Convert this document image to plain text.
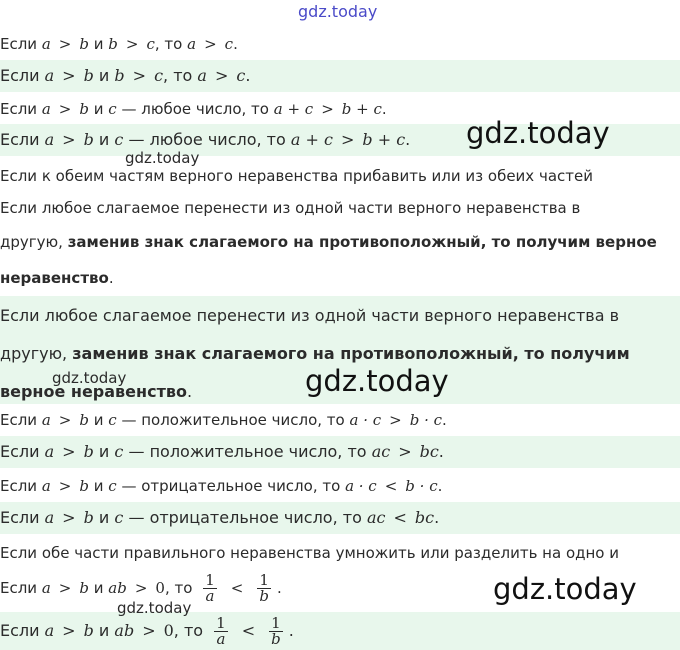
gdz.today
Если a > b и b > c, то a > c.
Если a > b и b > c, то a > c.
Если a > b и c — любое число, то a + c > b + c.
Если a > b и c — любое число, то a + c > b + c.
Если к обеим частям верного неравенства прибавить или из обеих частей
Если любое слагаемое перенести из одной части верного неравенства в
другую, заменив знак слагаемого на противоположный, то получим верное
неравенство.
Если любое слагаемое перенести из одной части верного неравенства в
другую, заменив знак слагаемого на противоположный, то получим
верное неравенство.
Если a > b и c — положительное число, то a · c > b · c.
Если a > b и c — положительное число, то ac > bc.
Если a > b и c — отрицательное число, то a · c < b · c.
Если a > b и c — отрицательное число, то ac < bc.
Если обе части правильного неравенства умножить или разделить на одно и
Если a > b и ab > 0, то $\frac{1}{a} < \frac{1}{b}$ .
Если a > b и ab > 0, то $\frac{1}{a} < \frac{1}{b}$ .
gdz.today
gdz.today
gdz.today	gdz.today
gdz.today
gdz.today
